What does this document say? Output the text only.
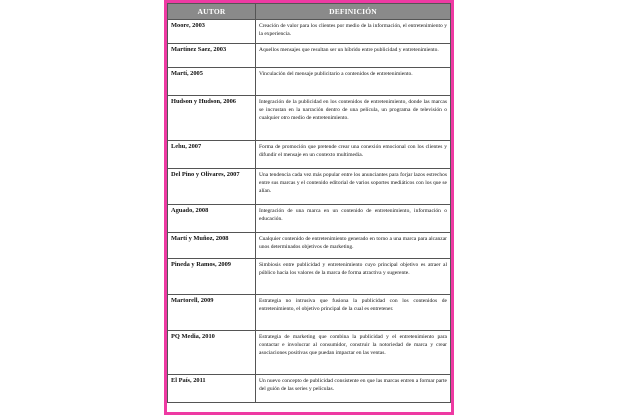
AUTOR	DEFINICIÓN
Moore, 2003	Creación de valor para los clientes por medio de la información, el entretenimiento y la experiencia.
Martínez Saez, 2003	Aquellos mensajes que resultan ser un híbrido entre publicidad y entretenimiento.
Martí, 2005	Vinculación del mensaje publicitario a contenidos de entretenimiento.
Hudson y Hudson, 2006	Integración de la publicidad en los contenidos de entretenimiento, donde las marcas se incrustan en la narración dentro de una película, un programa de televisión o cualquier otro medio de entretenimiento.
Lehu, 2007	Forma de promoción que pretende crear una conexión emocional con los clientes y difundir el mensaje en un contexto multimedia.
Del Pino y Olivares, 2007	Una tendencia cada vez más popular entre los anunciantes para forjar lazos estrechos entre sus marcas y el contenido editorial de varios soportes mediáticos con los que se alían.
Aguado, 2008	Integración de una marca en un contenido de entretenimiento, información o educación.
Martí y Muñoz, 2008	Cualquier contenido de entretenimiento generado en torno a una marca para alcanzar unos determinados objetivos de marketing.
Pineda y Ramos, 2009	Simbiosis entre publicidad y entretenimiento cuyo principal objetivo es atraer al público hacia los valores de la marca de forma atractiva y sugerente.
Martorell, 2009	Estrategia no intrusiva que fusiona la publicidad con los contenidos de entretenimiento, el objetivo principal de la cual es entretener.
PQ Media, 2010	Estrategia de marketing que combina la publicidad y el entretenimiento para contactar e involucrar al consumidor, construir la notoriedad de marca y crear asociaciones positivas que puedan impactar en las ventas.
El País, 2011	Un nuevo concepto de publicidad consistente en que las marcas entren a formar parte del guión de las series y películas.
